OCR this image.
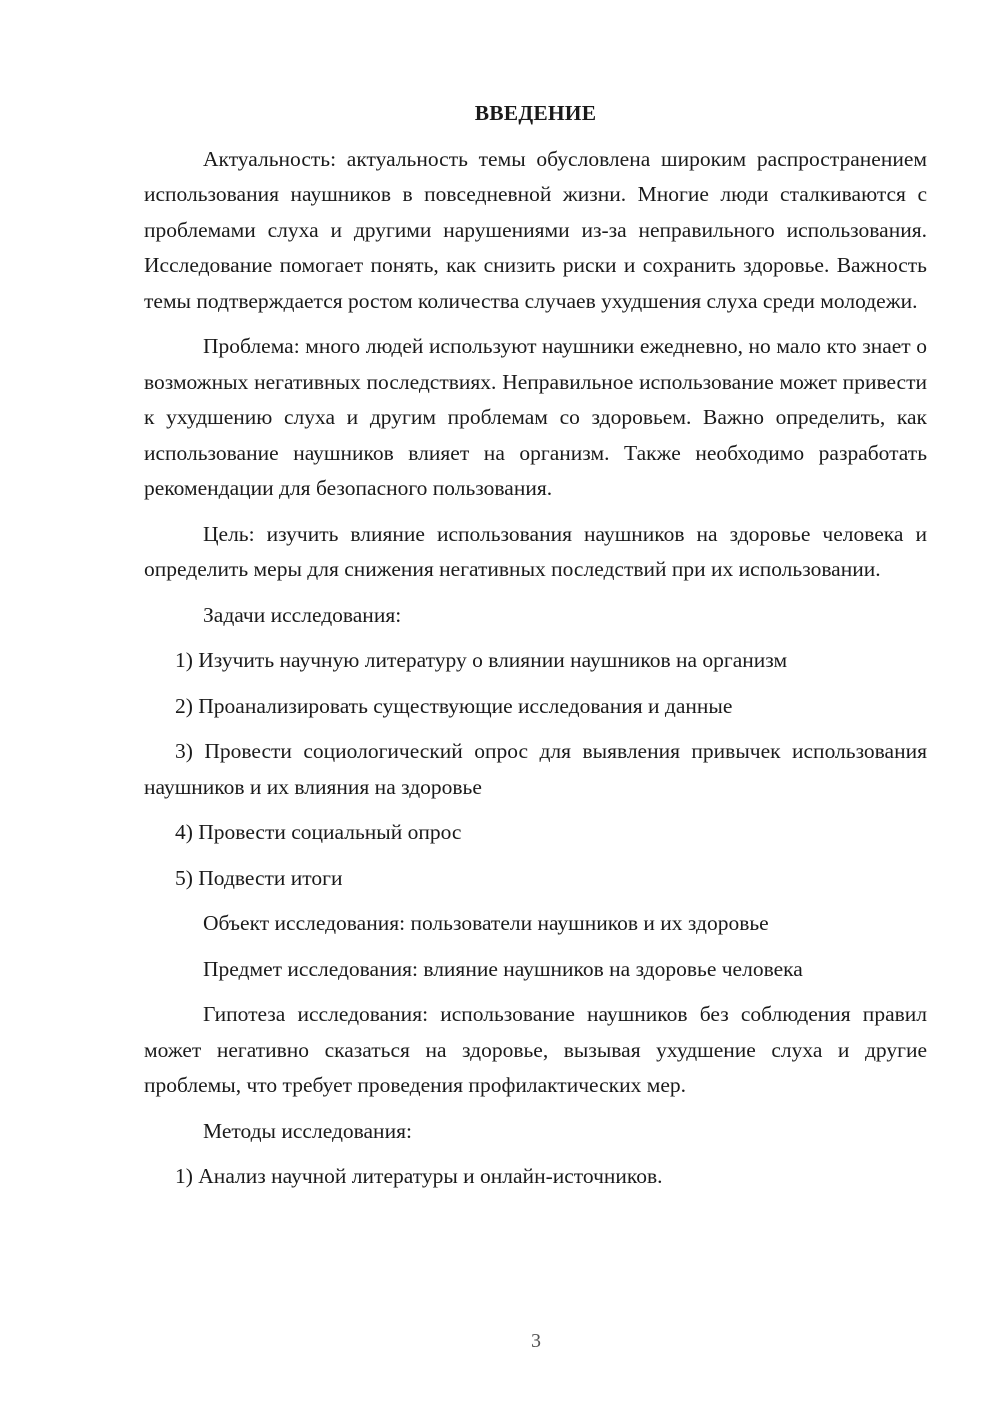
ВВЕДЕНИЕ

Актуальность: актуальность темы обусловлена широким распространением использования наушников в повседневной жизни. Многие люди сталкиваются с проблемами слуха и другими нарушениями из-за неправильного использования. Исследование помогает понять, как снизить риски и сохранить здоровье. Важность темы подтверждается ростом количества случаев ухудшения слуха среди молодежи.

Проблема: много людей используют наушники ежедневно, но мало кто знает о возможных негативных последствиях. Неправильное использование может привести к ухудшению слуха и другим проблемам со здоровьем. Важно определить, как использование наушников влияет на организм. Также необходимо разработать рекомендации для безопасного пользования.

Цель: изучить влияние использования наушников на здоровье человека и определить меры для снижения негативных последствий при их использовании.

Задачи исследования:

1) Изучить научную литературу о влиянии наушников на организм

2) Проанализировать существующие исследования и данные

3) Провести социологический опрос для выявления привычек использования наушников и их влияния на здоровье

4) Провести социальный опрос

5) Подвести итоги

Объект исследования: пользователи наушников и их здоровье

Предмет исследования: влияние наушников на здоровье человека

Гипотеза исследования: использование наушников без соблюдения правил может негативно сказаться на здоровье, вызывая ухудшение слуха и другие проблемы, что требует проведения профилактических мер.

Методы исследования:

1) Анализ научной литературы и онлайн-источников.

3
